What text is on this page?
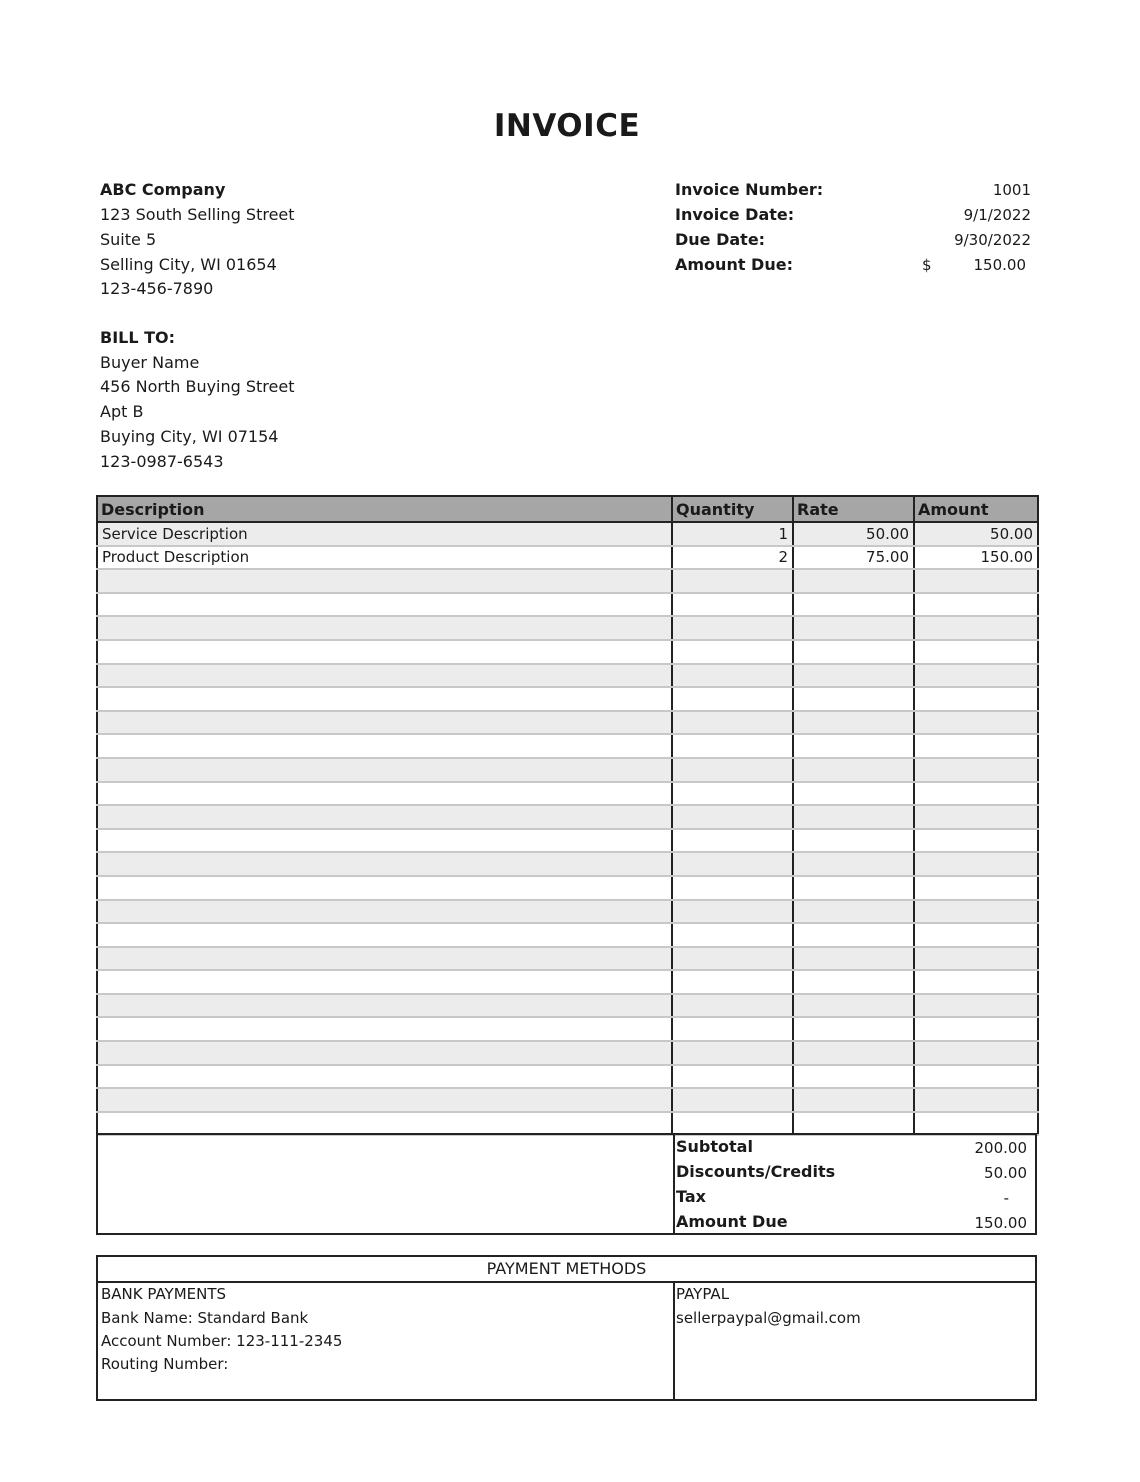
INVOICE
ABC Company
123 South Selling Street
Suite 5
Selling City, WI 01654
123-456-7890
Invoice Number:	1001
Invoice Date:	9/1/2022
Due Date:	9/30/2022
Amount Due:	$	150.00
BILL TO:
Buyer Name
456 North Buying Street
Apt B
Buying City, WI 07154
123-0987-6543
Description	Quantity	Rate	Amount
Service Description	1	50.00	50.00
Product Description	2	75.00	150.00

Subtotal	200.00
Discounts/Credits	50.00
Tax	-
Amount Due	150.00
PAYMENT METHODS
BANK PAYMENTS
Bank Name: Standard Bank
Account Number: 123-111-2345
Routing Number:
PAYPAL
sellerpaypal@gmail.com
